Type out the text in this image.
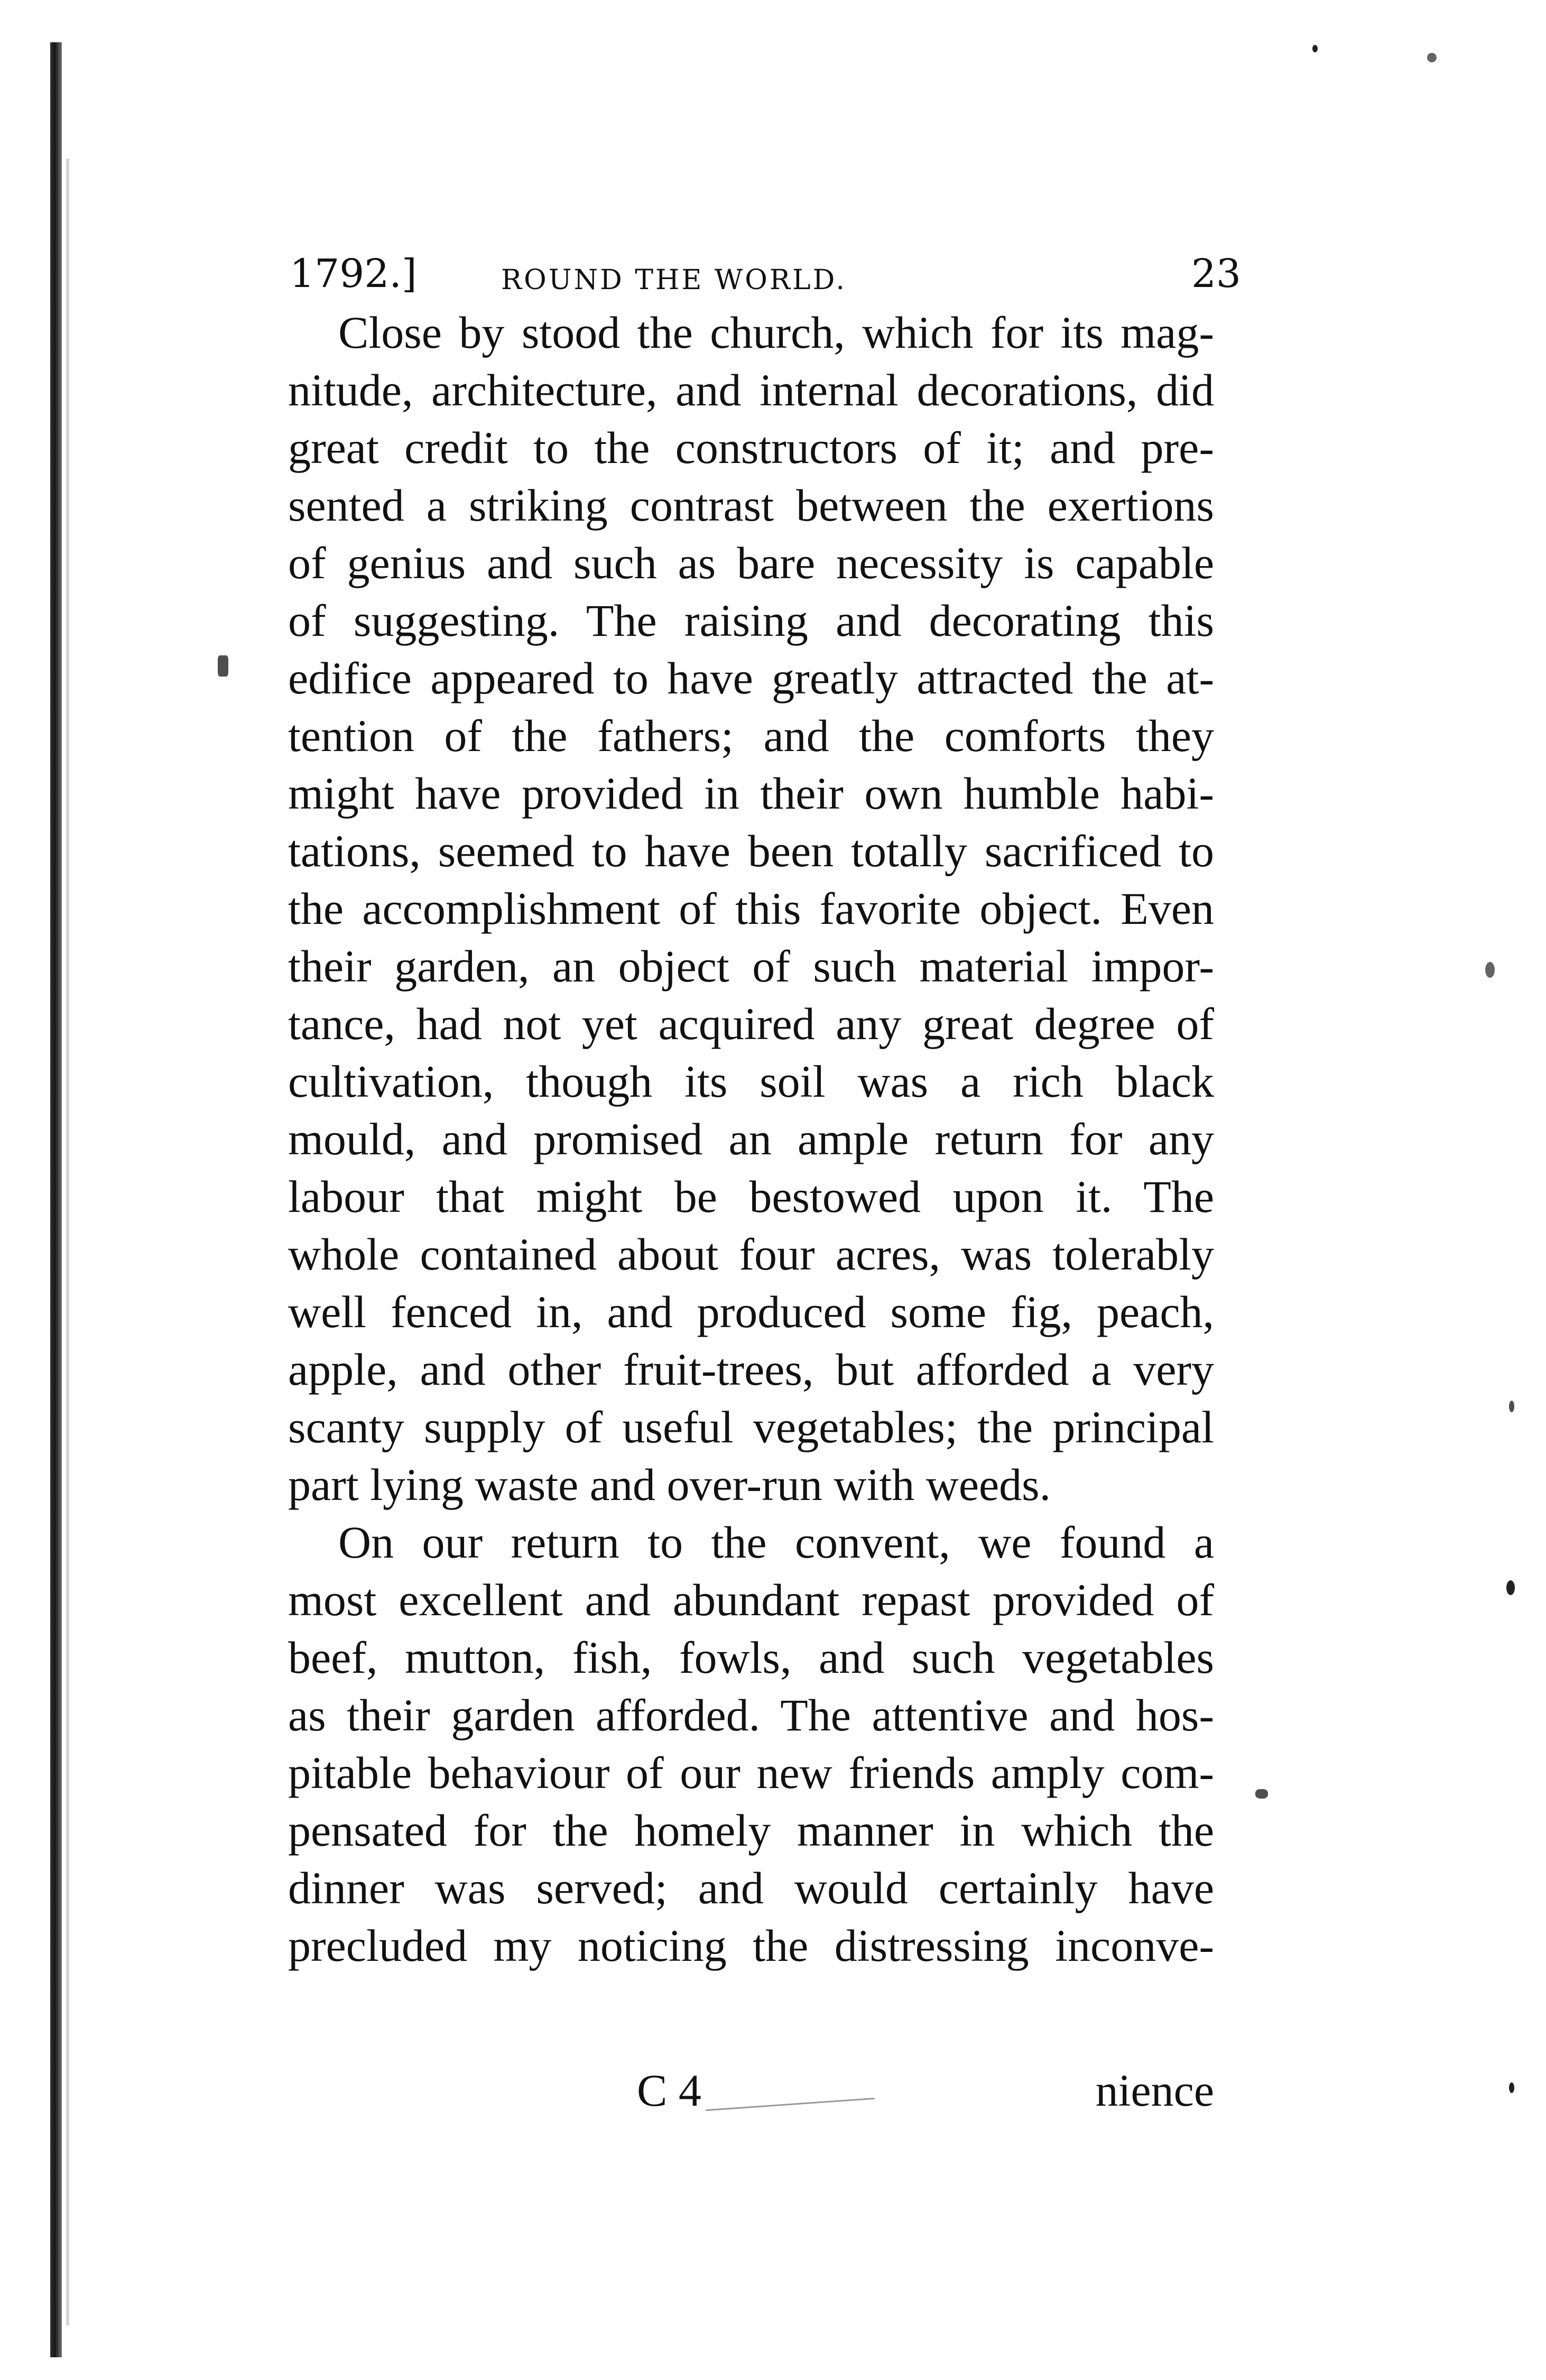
1792.]	ROUND THE WORLD.	23
Close by stood the church, which for its mag-
nitude, architecture, and internal decorations, did
great credit to the constructors of it; and pre-
sented a striking contrast between the exertions
of genius and such as bare necessity is capable
of suggesting. The raising and decorating this
edifice appeared to have greatly attracted the at-
tention of the fathers; and the comforts they
might have provided in their own humble habi-
tations, seemed to have been totally sacrificed to
the accomplishment of this favorite object. Even
their garden, an object of such material impor-
tance, had not yet acquired any great degree of
cultivation, though its soil was a rich black
mould, and promised an ample return for any
labour that might be bestowed upon it. The
whole contained about four acres, was tolerably
well fenced in, and produced some fig, peach,
apple, and other fruit-trees, but afforded a very
scanty supply of useful vegetables; the principal
part lying waste and over-run with weeds.
On our return to the convent, we found a
most excellent and abundant repast provided of
beef, mutton, fish, fowls, and such vegetables
as their garden afforded. The attentive and hos-
pitable behaviour of our new friends amply com-
pensated for the homely manner in which the
dinner was served; and would certainly have
precluded my noticing the distressing inconve-
C 4	nience
